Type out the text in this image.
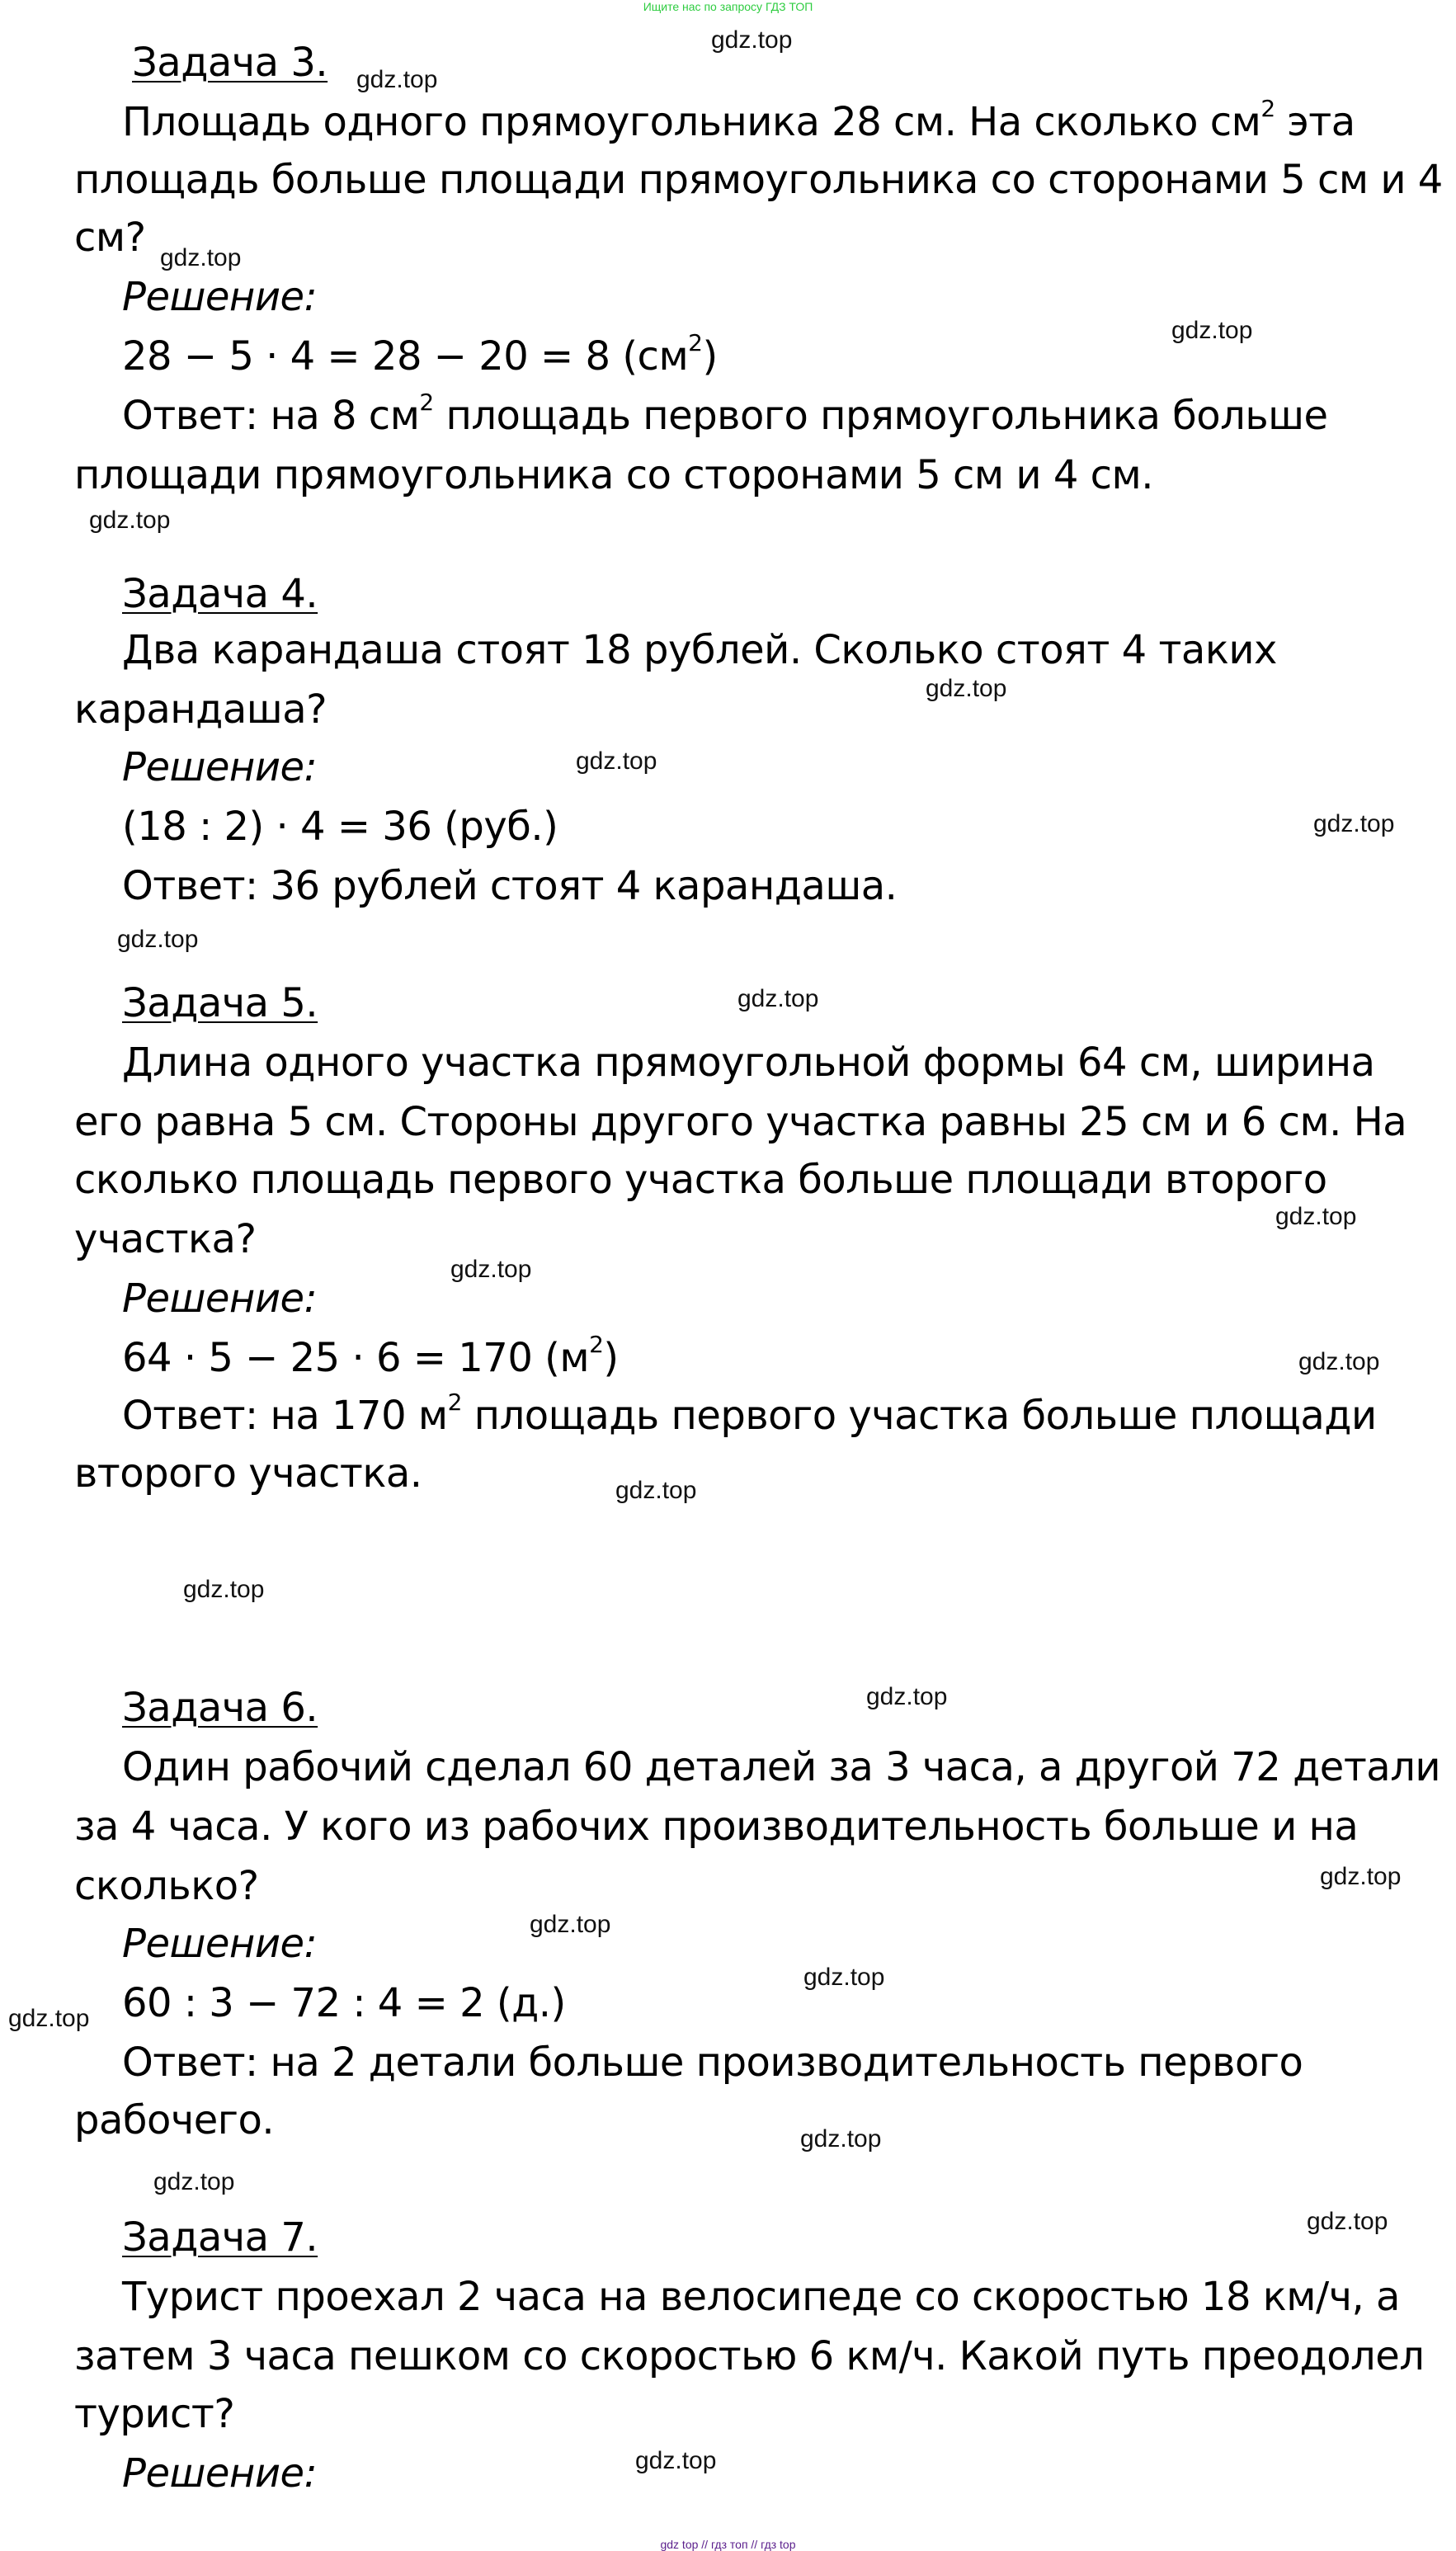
Ищите нас по запросу ГДЗ ТОП
Задача 3.
Площадь одного прямоугольника 28 см. На сколько $см^2$ эта
площадь больше площади прямоугольника со сторонами 5 см и 4
см?
Решение:
28 − 5 · 4 = 28 − 20 = 8 $(см^2)$
Ответ: на 8 $см^2$ площадь первого прямоугольника больше
площади прямоугольника со сторонами 5 см и 4 см.
Задача 4.
Два карандаша стоят 18 рублей. Сколько стоят 4 таких
карандаша?
Решение:
(18 : 2) · 4 = 36 (руб.)
Ответ: 36 рублей стоят 4 карандаша.
Задача 5.
Длина одного участка прямоугольной формы 64 см, ширина
его равна 5 см. Стороны другого участка равны 25 см и 6 см. На
сколько площадь первого участка больше площади второго
участка?
Решение:
64 · 5 − 25 · 6 = 170 $(м^2)$
Ответ: на 170 $м^2$ площадь первого участка больше площади
второго участка.
Задача 6.
Один рабочий сделал 60 деталей за 3 часа, а другой 72 детали
за 4 часа. У кого из рабочих производительность больше и на
сколько?
Решение:
60 : 3 − 72 : 4 = 2 (д.)
Ответ: на 2 детали больше производительность первого
рабочего.
Задача 7.
Турист проехал 2 часа на велосипеде со скоростью 18 км/ч, а
затем 3 часа пешком со скоростью 6 км/ч. Какой путь преодолел
турист?
Решение:
gdz.top
gdz.top
gdz.top
gdz.top
gdz.top
gdz.top
gdz.top
gdz.top
gdz.top
gdz.top
gdz.top
gdz.top
gdz.top
gdz.top
gdz.top
gdz.top
gdz.top
gdz.top
gdz.top
gdz.top
gdz.top
gdz.top
gdz.top
gdz.top
gdz top // гдз топ // гдз top
